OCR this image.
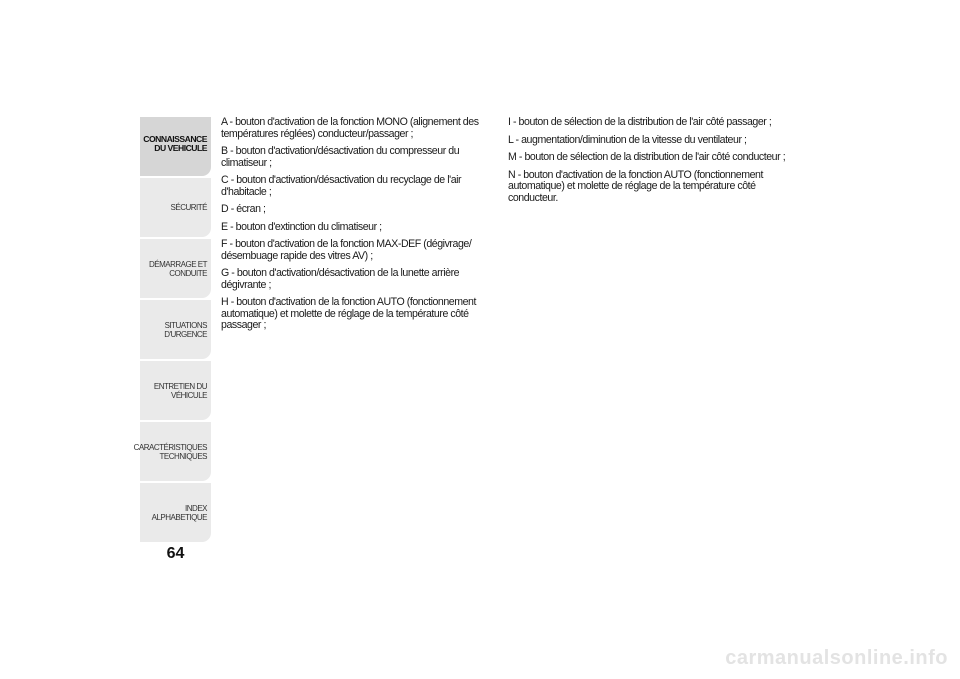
CONNAISSANCE
DU VEHICULE
SÉCURITÉ
DÉMARRAGE ET
CONDUITE
SITUATIONS
D'URGENCE
ENTRETIEN DU
VÉHICULE
CARACTÉRISTIQUES
TECHNIQUES
INDEX
ALPHABETIQUE
64

A - bouton d'activation de la fonction MONO (alignement des températures réglées) conducteur/passager ;

B - bouton d'activation/désactivation du compresseur du climatiseur ;

C - bouton d'activation/désactivation du recyclage de l'air d'habitacle ;

D - écran ;

E - bouton d'extinction du climatiseur ;

F - bouton d'activation de la fonction MAX-DEF (dégivrage/ désembuage rapide des vitres AV) ;

G - bouton d'activation/désactivation de la lunette arrière dégivrante ;

H - bouton d'activation de la fonction AUTO (fonctionnement automatique) et molette de réglage de la température côté passager ;

I - bouton de sélection de la distribution de l'air côté passager ;

L - augmentation/diminution de la vitesse du ventilateur ;

M - bouton de sélection de la distribution de l'air côté conducteur ;

N - bouton d'activation de la fonction AUTO (fonctionnement automatique) et molette de réglage de la température côté conducteur.

carmanualsonline.info
